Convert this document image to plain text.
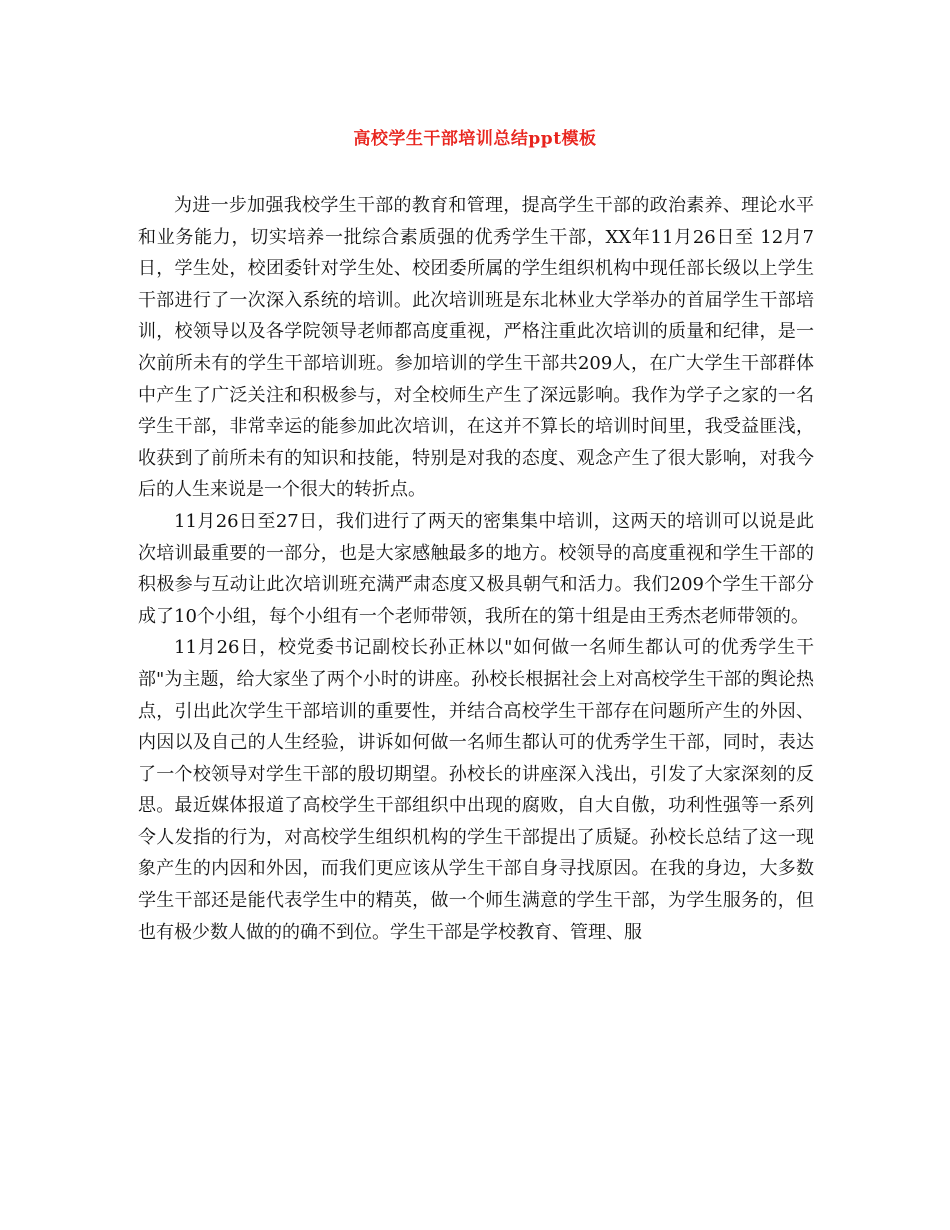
高校学生干部培训总结ppt模板

为进一步加强我校学生干部的教育和管理，提高学生干部的政治素养、理论水平和业务能力，切实培养一批综合素质强的优秀学生干部，XX年11月26日至 12月7日，学生处，校团委针对学生处、校团委所属的学生组织机构中现任部长级以上学生干部进行了一次深入系统的培训。此次培训班是东北林业大学举办的首届学生干部培训，校领导以及各学院领导老师都高度重视，严格注重此次培训的质量和纪律，是一次前所未有的学生干部培训班。参加培训的学生干部共209人，在广大学生干部群体中产生了广泛关注和积极参与，对全校师生产生了深远影响。我作为学子之家的一名学生干部，非常幸运的能参加此次培训，在这并不算长的培训时间里，我受益匪浅，收获到了前所未有的知识和技能，特别是对我的态度、观念产生了很大影响，对我今后的人生来说是一个很大的转折点。

11月26日至27日，我们进行了两天的密集集中培训，这两天的培训可以说是此次培训最重要的一部分，也是大家感触最多的地方。校领导的高度重视和学生干部的积极参与互动让此次培训班充满严肃态度又极具朝气和活力。我们209个学生干部分成了10个小组，每个小组有一个老师带领，我所在的第十组是由王秀杰老师带领的。

11月26日，校党委书记副校长孙正林以"如何做一名师生都认可的优秀学生干部"为主题，给大家坐了两个小时的讲座。孙校长根据社会上对高校学生干部的舆论热点，引出此次学生干部培训的重要性，并结合高校学生干部存在问题所产生的外因、内因以及自己的人生经验，讲诉如何做一名师生都认可的优秀学生干部，同时，表达了一个校领导对学生干部的殷切期望。孙校长的讲座深入浅出，引发了大家深刻的反思。最近媒体报道了高校学生干部组织中出现的腐败，自大自傲，功利性强等一系列令人发指的行为，对高校学生组织机构的学生干部提出了质疑。孙校长总结了这一现象产生的内因和外因，而我们更应该从学生干部自身寻找原因。在我的身边，大多数学生干部还是能代表学生中的精英，做一个师生满意的学生干部，为学生服务的，但也有极少数人做的的确不到位。学生干部是学校教育、管理、服
